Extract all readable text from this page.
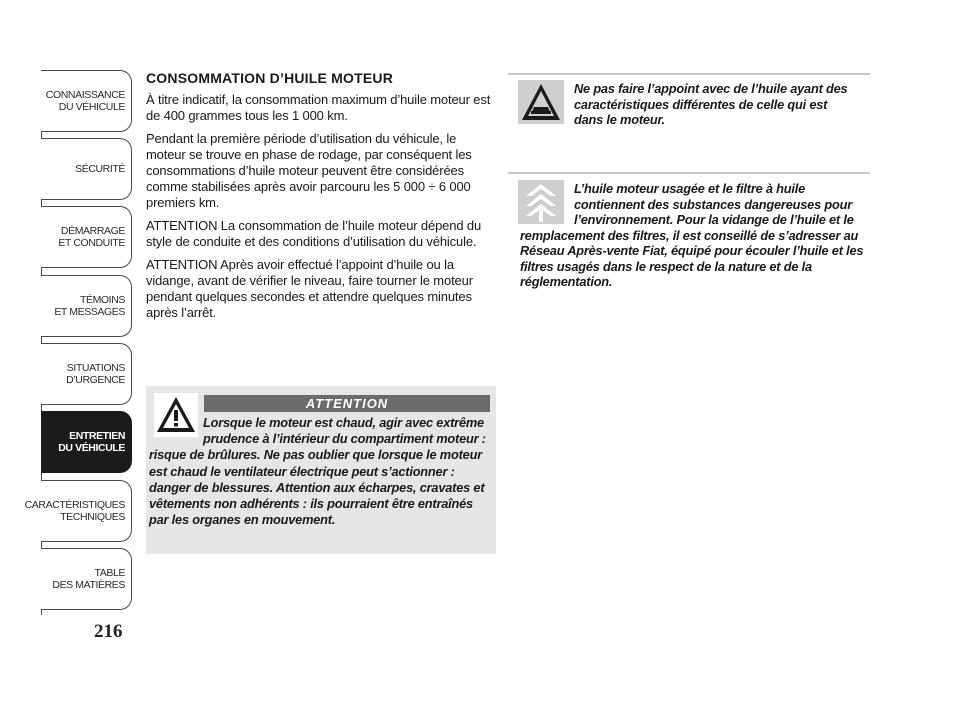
CONNAISSANCE
DU VÉHICULE
SÉCURITÉ
DÉMARRAGE
ET CONDUITE
TÉMOINS
ET MESSAGES
SITUATIONS
D’URGENCE
ENTRETIEN
DU VÉHICULE
CARACTÉRISTIQUES
TECHNIQUES
TABLE
DES MATIÈRES
216
CONSOMMATION D’HUILE MOTEUR

À titre indicatif, la consommation maximum d’huile moteur est de 400 grammes tous les 1 000 km.

Pendant la première période d’utilisation du véhicule, le moteur se trouve en phase de rodage, par conséquent les consommations d’huile moteur peuvent être considérées comme stabilisées après avoir parcouru les 5 000 ÷ 6 000 premiers km.

ATTENTION La consommation de l’huile moteur dépend du style de conduite et des conditions d’utilisation du véhicule.

ATTENTION Après avoir effectué l’appoint d’huile ou la vidange, avant de vérifier le niveau, faire tourner le moteur pendant quelques secondes et attendre quelques minutes après l’arrêt.

ATTENTION
Lorsque le moteur est chaud, agir avec extrême prudence à l’intérieur du compartiment moteur : risque de brûlures. Ne pas oublier que lorsque le moteur est chaud le ventilateur électrique peut s’actionner : danger de blessures. Attention aux écharpes, cravates et vêtements non adhérents : ils pourraient être entraînés par les organes en mouvement.
Ne pas faire l’appoint avec de l’huile ayant des caractéristiques différentes de celle qui est dans le moteur.
L’huile moteur usagée et le filtre à huile contiennent des substances dangereuses pour l’environnement. Pour la vidange de l’huile et le remplacement des filtres, il est conseillé de s’adresser au Réseau Après-vente Fiat, équipé pour écouler l’huile et les filtres usagés dans le respect de la nature et de la réglementation.
